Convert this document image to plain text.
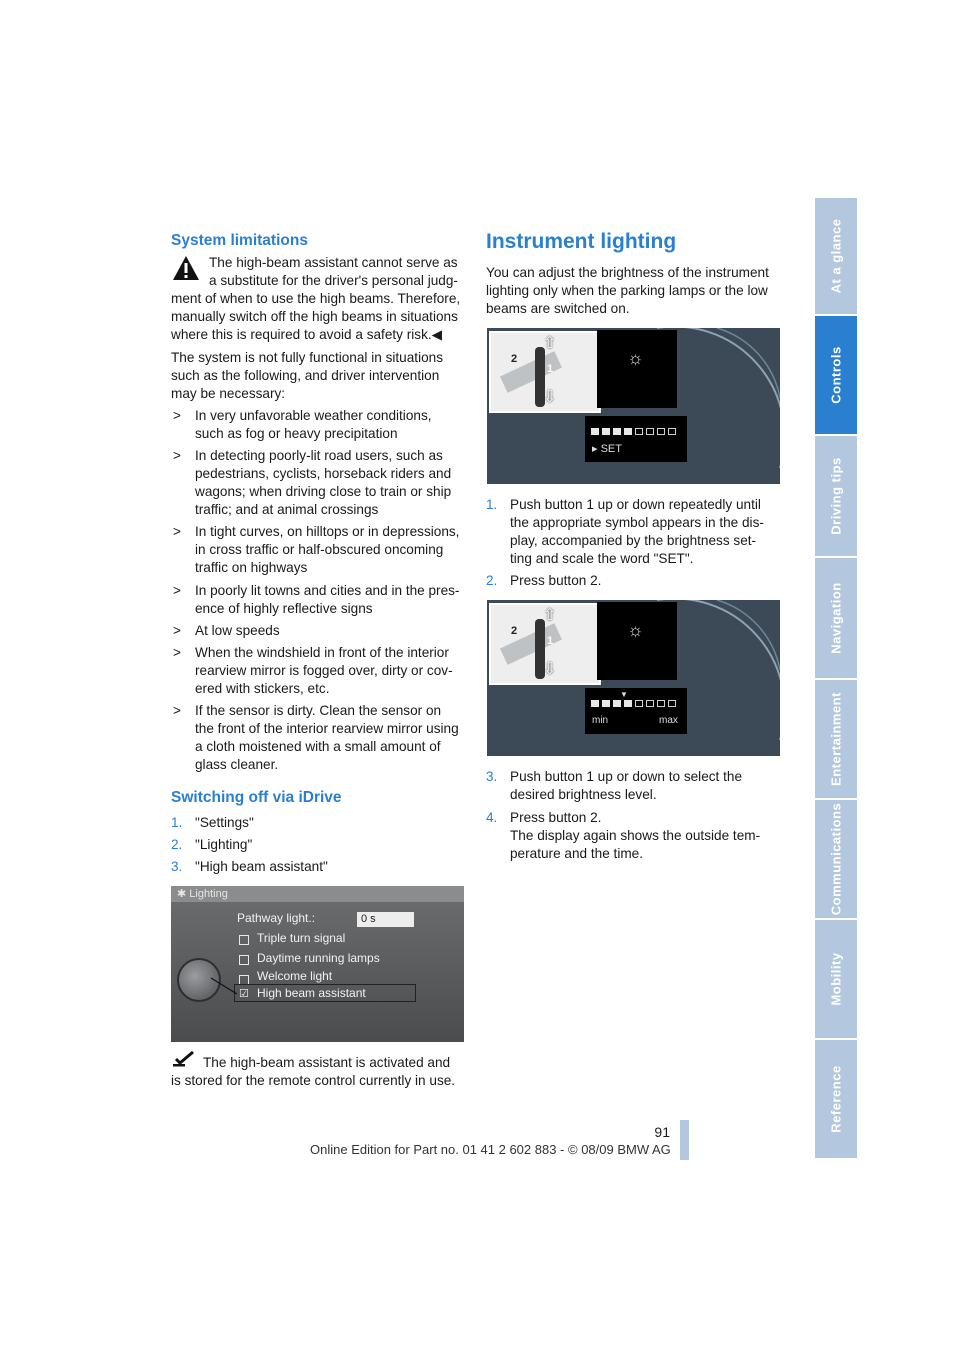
System limitations
The high-beam assistant cannot serve as
a substitute for the driver's personal judg-
ment of when to use the high beams. Therefore,
manually switch off the high beams in situations
where this is required to avoid a safety risk.◀
The system is not fully functional in situations
such as the following, and driver intervention
may be necessary:
> In very unfavorable weather conditions,
such as fog or heavy precipitation
> In detecting poorly-lit road users, such as
pedestrians, cyclists, horseback riders and
wagons; when driving close to train or ship
traffic; and at animal crossings
> In tight curves, on hilltops or in depressions,
in cross traffic or half-obscured oncoming
traffic on highways
> In poorly lit towns and cities and in the pres-
ence of highly reflective signs
> At low speeds
> When the windshield in front of the interior
rearview mirror is fogged over, dirty or cov-
ered with stickers, etc.
> If the sensor is dirty. Clean the sensor on
the front of the interior rearview mirror using
a cloth moistened with a small amount of
glass cleaner.
Switching off via iDrive
1. "Settings"
2. "Lighting"
3. "High beam assistant"
✱ Lighting
Pathway light.:	0 s
Triple turn signal
Daytime running lamps
Welcome light
☑ High beam assistant
The high-beam assistant is activated and
is stored for the remote control currently in use.
Instrument lighting
You can adjust the brightness of the instrument
lighting only when the parking lamps or the low
beams are switched on.
⇧
⇩
2
1
☼
▸ SET
1. Push button 1 up or down repeatedly until
the appropriate symbol appears in the dis-
play, accompanied by the brightness set-
ting and scale the word "SET".
2. Press button 2.
⇧
⇩
2
1
☼
▼
min	max
3. Push button 1 up or down to select the
desired brightness level.
4. Press button 2.
The display again shows the outside tem-
perature and the time.
At a glance
Controls
Driving tips
Navigation
Entertainment
Communications
Mobility
Reference
91
Online Edition for Part no. 01 41 2 602 883 - © 08/09 BMW AG
